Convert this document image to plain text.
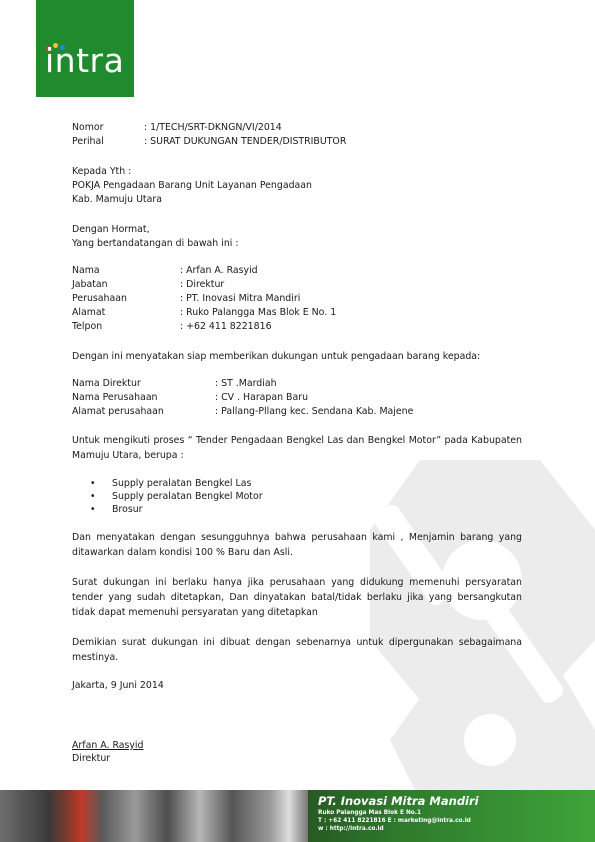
intra
Nomor	: 1/TECH/SRT-DKNGN/VI/2014
Perihal	: SURAT DUKUNGAN TENDER/DISTRIBUTOR
Kepada Yth :
POKJA Pengadaan Barang Unit Layanan Pengadaan
Kab. Mamuju Utara
Dengan Hormat,
Yang bertandatangan di bawah ini :
Nama	: Arfan A. Rasyid
Jabatan	: Direktur
Perusahaan	: PT. Inovasi Mitra Mandiri
Alamat	: Ruko Palangga Mas Blok E No. 1
Telpon	: +62 411 8221816
Dengan ini menyatakan siap memberikan dukungan untuk pengadaan barang kepada:
Nama Direktur	: ST .Mardiah
Nama Perusahaan	: CV . Harapan Baru
Alamat perusahaan	: Pallang-Pllang kec. Sendana Kab. Majene
Untuk mengikuti proses “ Tender Pengadaan Bengkel Las dan Bengkel Motor” pada Kabupaten Mamuju Utara, berupa :
• Supply peralatan Bengkel Las
• Supply peralatan Bengkel Motor
• Brosur
Dan menyatakan dengan sesungguhnya bahwa perusahaan kami , Menjamin barang yang ditawarkan dalam kondisi 100 % Baru dan Asli.
Surat dukungan ini berlaku hanya jika perusahaan yang didukung memenuhi persyaratan tender yang sudah ditetapkan, Dan dinyatakan batal/tidak berlaku jika yang bersangkutan tidak dapat memenuhi persyaratan yang ditetapkan
Demikian surat dukungan ini dibuat dengan sebenarnya untuk dipergunakan sebagaimana mestinya.
Jakarta, 9 Juni 2014
Arfan A. Rasyid
Direktur
PT. Inovasi Mitra Mandiri
Ruko Palangga Mas Blok E No.1
T : +62 411 8221816 E : marketing@intra.co.id
w : http://intra.co.id
